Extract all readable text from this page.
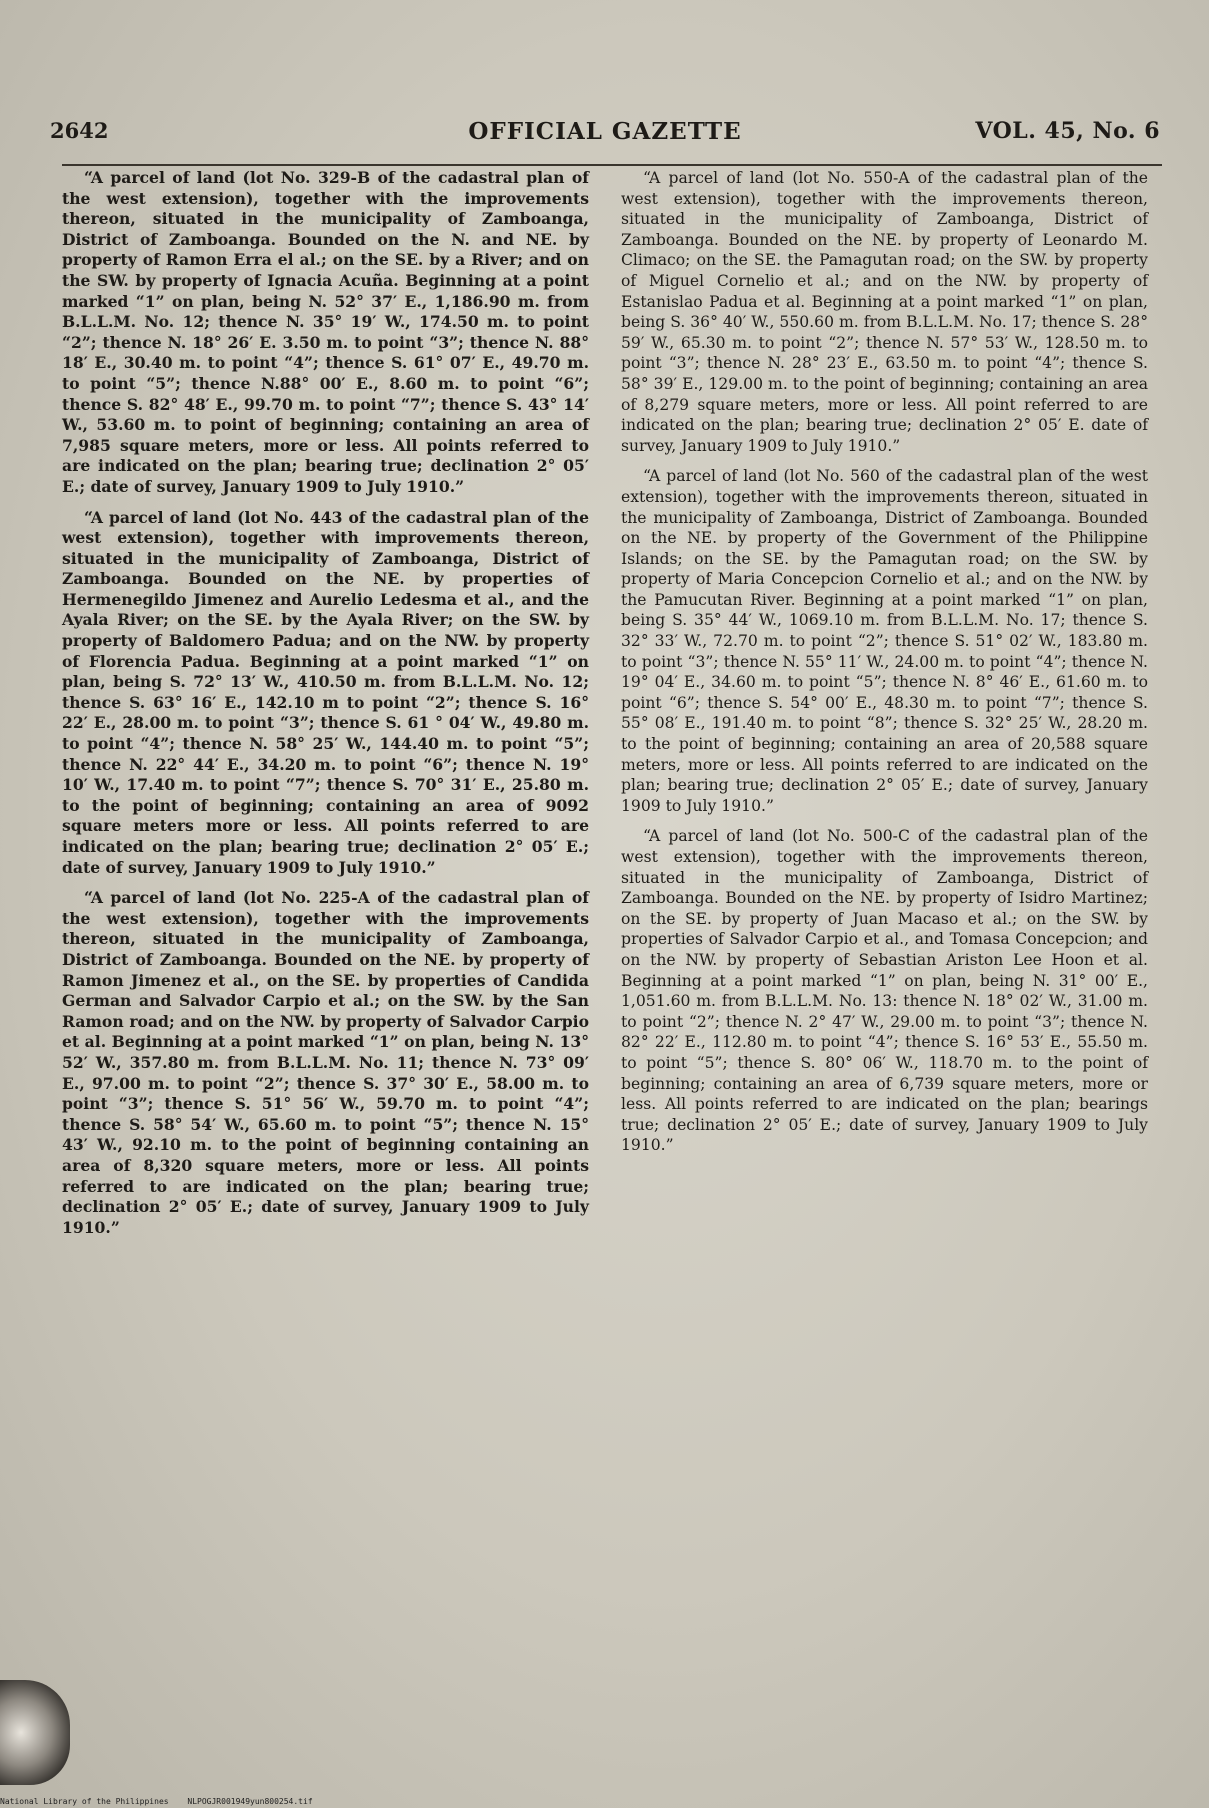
2642	OFFICIAL GAZETTE	VOL. 45, No. 6

“A parcel of land (lot No. 329-B of the cadastral plan of the west extension), together with the improvements thereon, situated in the municipality of Zamboanga, District of Zamboanga. Bounded on the N. and NE. by property of Ramon Erra el al.; on the SE. by a River; and on the SW. by property of Ignacia Acuña. Beginning at a point marked “1” on plan, being N. 52° 37′ E., 1,186.90 m. from B.L.L.M. No. 12; thence N. 35° 19′ W., 174.50 m. to point “2”; thence N. 18° 26′ E. 3.50 m. to point “3”; thence N. 88° 18′ E., 30.40 m. to point “4”; thence S. 61° 07′ E., 49.70 m. to point “5”; thence N.88° 00′ E., 8.60 m. to point “6”; thence S. 82° 48′ E., 99.70 m. to point “7”; thence S. 43° 14′ W., 53.60 m. to point of beginning; containing an area of 7,985 square meters, more or less. All points referred to are indicated on the plan; bearing true; declination 2° 05′ E.; date of survey, January 1909 to July 1910.”

“A parcel of land (lot No. 443 of the cadastral plan of the west extension), together with improvements thereon, situated in the municipality of Zamboanga, District of Zamboanga. Bounded on the NE. by properties of Hermenegildo Jimenez and Aurelio Ledesma et al., and the Ayala River; on the SE. by the Ayala River; on the SW. by property of Baldomero Padua; and on the NW. by property of Florencia Padua. Beginning at a point marked “1” on plan, being S. 72° 13′ W., 410.50 m. from B.L.L.M. No. 12; thence S. 63° 16′ E., 142.10 m to point “2”; thence S. 16° 22′ E., 28.00 m. to point “3”; thence S. 61 ° 04′ W., 49.80 m. to point “4”; thence N. 58° 25′ W., 144.40 m. to point “5”; thence N. 22° 44′ E., 34.20 m. to point “6”; thence N. 19° 10′ W., 17.40 m. to point “7”; thence S. 70° 31′ E., 25.80 m. to the point of beginning; containing an area of 9092 square meters more or less. All points referred to are indicated on the plan; bearing true; declination 2° 05′ E.; date of survey, January 1909 to July 1910.”

“A parcel of land (lot No. 225-A of the cadastral plan of the west extension), together with the improvements thereon, situated in the municipality of Zamboanga, District of Zamboanga. Bounded on the NE. by property of Ramon Jimenez et al., on the SE. by properties of Candida German and Salvador Carpio et al.; on the SW. by the San Ramon road; and on the NW. by property of Salvador Carpio et al. Beginning at a point marked “1” on plan, being N. 13° 52′ W., 357.80 m. from B.L.L.M. No. 11; thence N. 73° 09′ E., 97.00 m. to point “2”; thence S. 37° 30′ E., 58.00 m. to point “3”; thence S. 51° 56′ W., 59.70 m. to point “4”; thence S. 58° 54′ W., 65.60 m. to point “5”; thence N. 15° 43′ W., 92.10 m. to the point of beginning containing an area of 8,320 square meters, more or less. All points referred to are indicated on the plan; bearing true; declination 2° 05′ E.; date of survey, January 1909 to July 1910.”

“A parcel of land (lot No. 550-A of the cadastral plan of the west extension), together with the improvements thereon, situated in the municipality of Zamboanga, District of Zamboanga. Bounded on the NE. by property of Leonardo M. Climaco; on the SE. the Pamagutan road; on the SW. by property of Miguel Cornelio et al.; and on the NW. by property of Estanislao Padua et al. Beginning at a point marked “1” on plan, being S. 36° 40′ W., 550.60 m. from B.L.L.M. No. 17; thence S. 28° 59′ W., 65.30 m. to point “2”; thence N. 57° 53′ W., 128.50 m. to point “3”; thence N. 28° 23′ E., 63.50 m. to point “4”; thence S. 58° 39′ E., 129.00 m. to the point of beginning; containing an area of 8,279 square meters, more or less. All point referred to are indicated on the plan; bearing true; declination 2° 05′ E. date of survey, January 1909 to July 1910.”

“A parcel of land (lot No. 560 of the cadastral plan of the west extension), together with the improvements thereon, situated in the municipality of Zamboanga, District of Zamboanga. Bounded on the NE. by property of the Government of the Philippine Islands; on the SE. by the Pamagutan road; on the SW. by property of Maria Concepcion Cornelio et al.; and on the NW. by the Pamucutan River. Beginning at a point marked “1” on plan, being S. 35° 44′ W., 1069.10 m. from B.L.L.M. No. 17; thence S. 32° 33′ W., 72.70 m. to point “2”; thence S. 51° 02′ W., 183.80 m. to point “3”; thence N. 55° 11′ W., 24.00 m. to point “4”; thence N. 19° 04′ E., 34.60 m. to point “5”; thence N. 8° 46′ E., 61.60 m. to point “6”; thence S. 54° 00′ E., 48.30 m. to point “7”; thence S. 55° 08′ E., 191.40 m. to point “8”; thence S. 32° 25′ W., 28.20 m. to the point of beginning; containing an area of 20,588 square meters, more or less. All points referred to are indicated on the plan; bearing true; declination 2° 05′ E.; date of survey, January 1909 to July 1910.”

“A parcel of land (lot No. 500-C of the cadastral plan of the west extension), together with the improvements thereon, situated in the municipality of Zamboanga, District of Zamboanga. Bounded on the NE. by property of Isidro Martinez; on the SE. by property of Juan Macaso et al.; on the SW. by properties of Salvador Carpio et al., and Tomasa Concepcion; and on the NW. by property of Sebastian Ariston Lee Hoon et al. Beginning at a point marked “1” on plan, being N. 31° 00′ E., 1,051.60 m. from B.L.L.M. No. 13: thence N. 18° 02′ W., 31.00 m. to point “2”; thence N. 2° 47′ W., 29.00 m. to point “3”; thence N. 82° 22′ E., 112.80 m. to point “4”; thence S. 16° 53′ E., 55.50 m. to point “5”; thence S. 80° 06′ W., 118.70 m. to the point of beginning; containing an area of 6,739 square meters, more or less. All points referred to are indicated on the plan; bearings true; declination 2° 05′ E.; date of survey, January 1909 to July 1910.”

National Library of the Philippines NLPOGJR001949yun800254.tif
